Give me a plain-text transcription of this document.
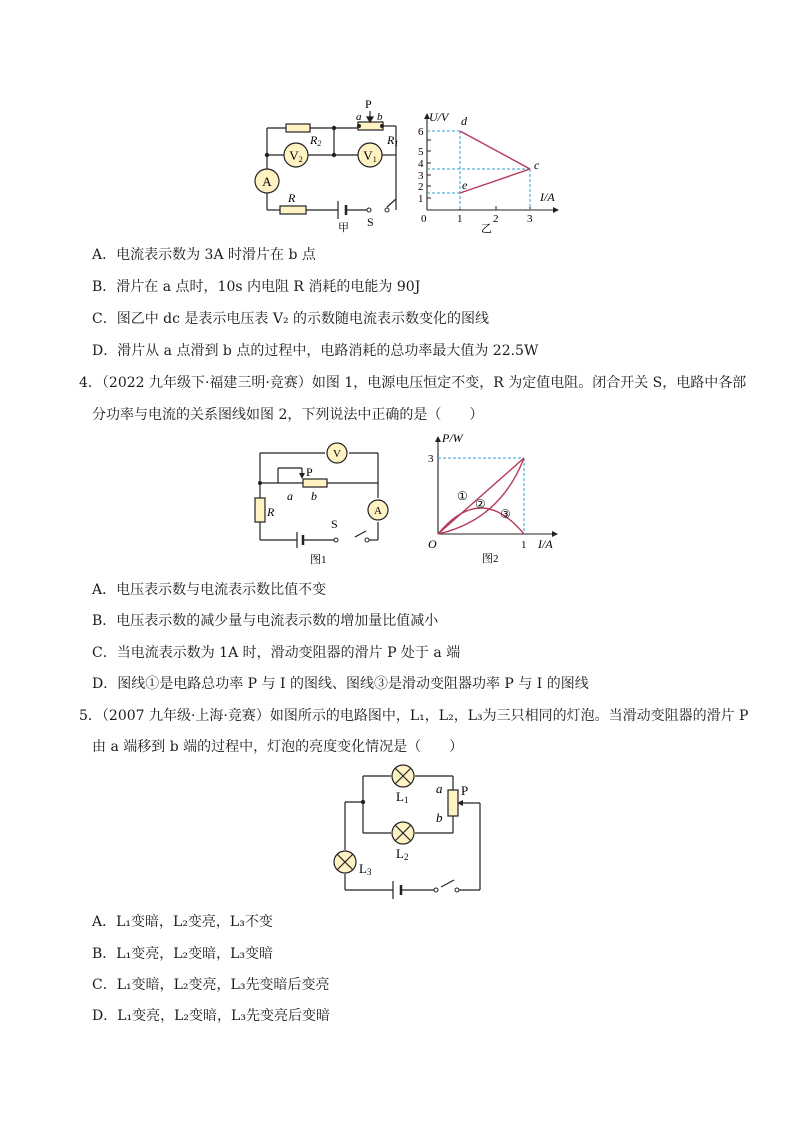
V2	V1
A
P
a b
R1
R2
R
S
甲
U/V
I/A
0
1
2
3
4
5
6
1	2	3
d
c
e
乙
A．电流表示数为 3A 时滑片在 b 点
B．滑片在 a 点时，10s 内电阻 R 消耗的电能为 90J
C．图乙中 dc 是表示电压表 V₂ 的示数随电流表示数变化的图线
D．滑片从 a 点滑到 b 点的过程中，电路消耗的总功率最大值为 22.5W
4．（2022 九年级下·福建三明·竞赛）如图 1，电源电压恒定不变，R 为定值电阻。闭合开关 S，电路中各部
分功率与电流的关系图线如图 2，下列说法中正确的是（　　）
V
A
P
a b
R
S
图1
P/W
I/A
O
3
1
①
②
③
图2
A．电压表示数与电流表示数比值不变
B．电压表示数的减少量与电流表示数的增加量比值减小
C．当电流表示数为 1A 时，滑动变阻器的滑片 P 处于 a 端
D．图线①是电路总功率 P 与 I 的图线、图线③是滑动变阻器功率 P 与 I 的图线
5．（2007 九年级·上海·竞赛）如图所示的电路图中，L₁，L₂，L₃为三只相同的灯泡。当滑动变阻器的滑片 P
由 a 端移到 b 端的过程中，灯泡的亮度变化情况是（　　）
L1
L2
L3
a
b
P
A．L₁变暗，L₂变亮，L₃不变
B．L₁变亮，L₂变暗，L₃变暗
C．L₁变暗，L₂变亮，L₃先变暗后变亮
D．L₁变亮，L₂变暗，L₃先变亮后变暗
